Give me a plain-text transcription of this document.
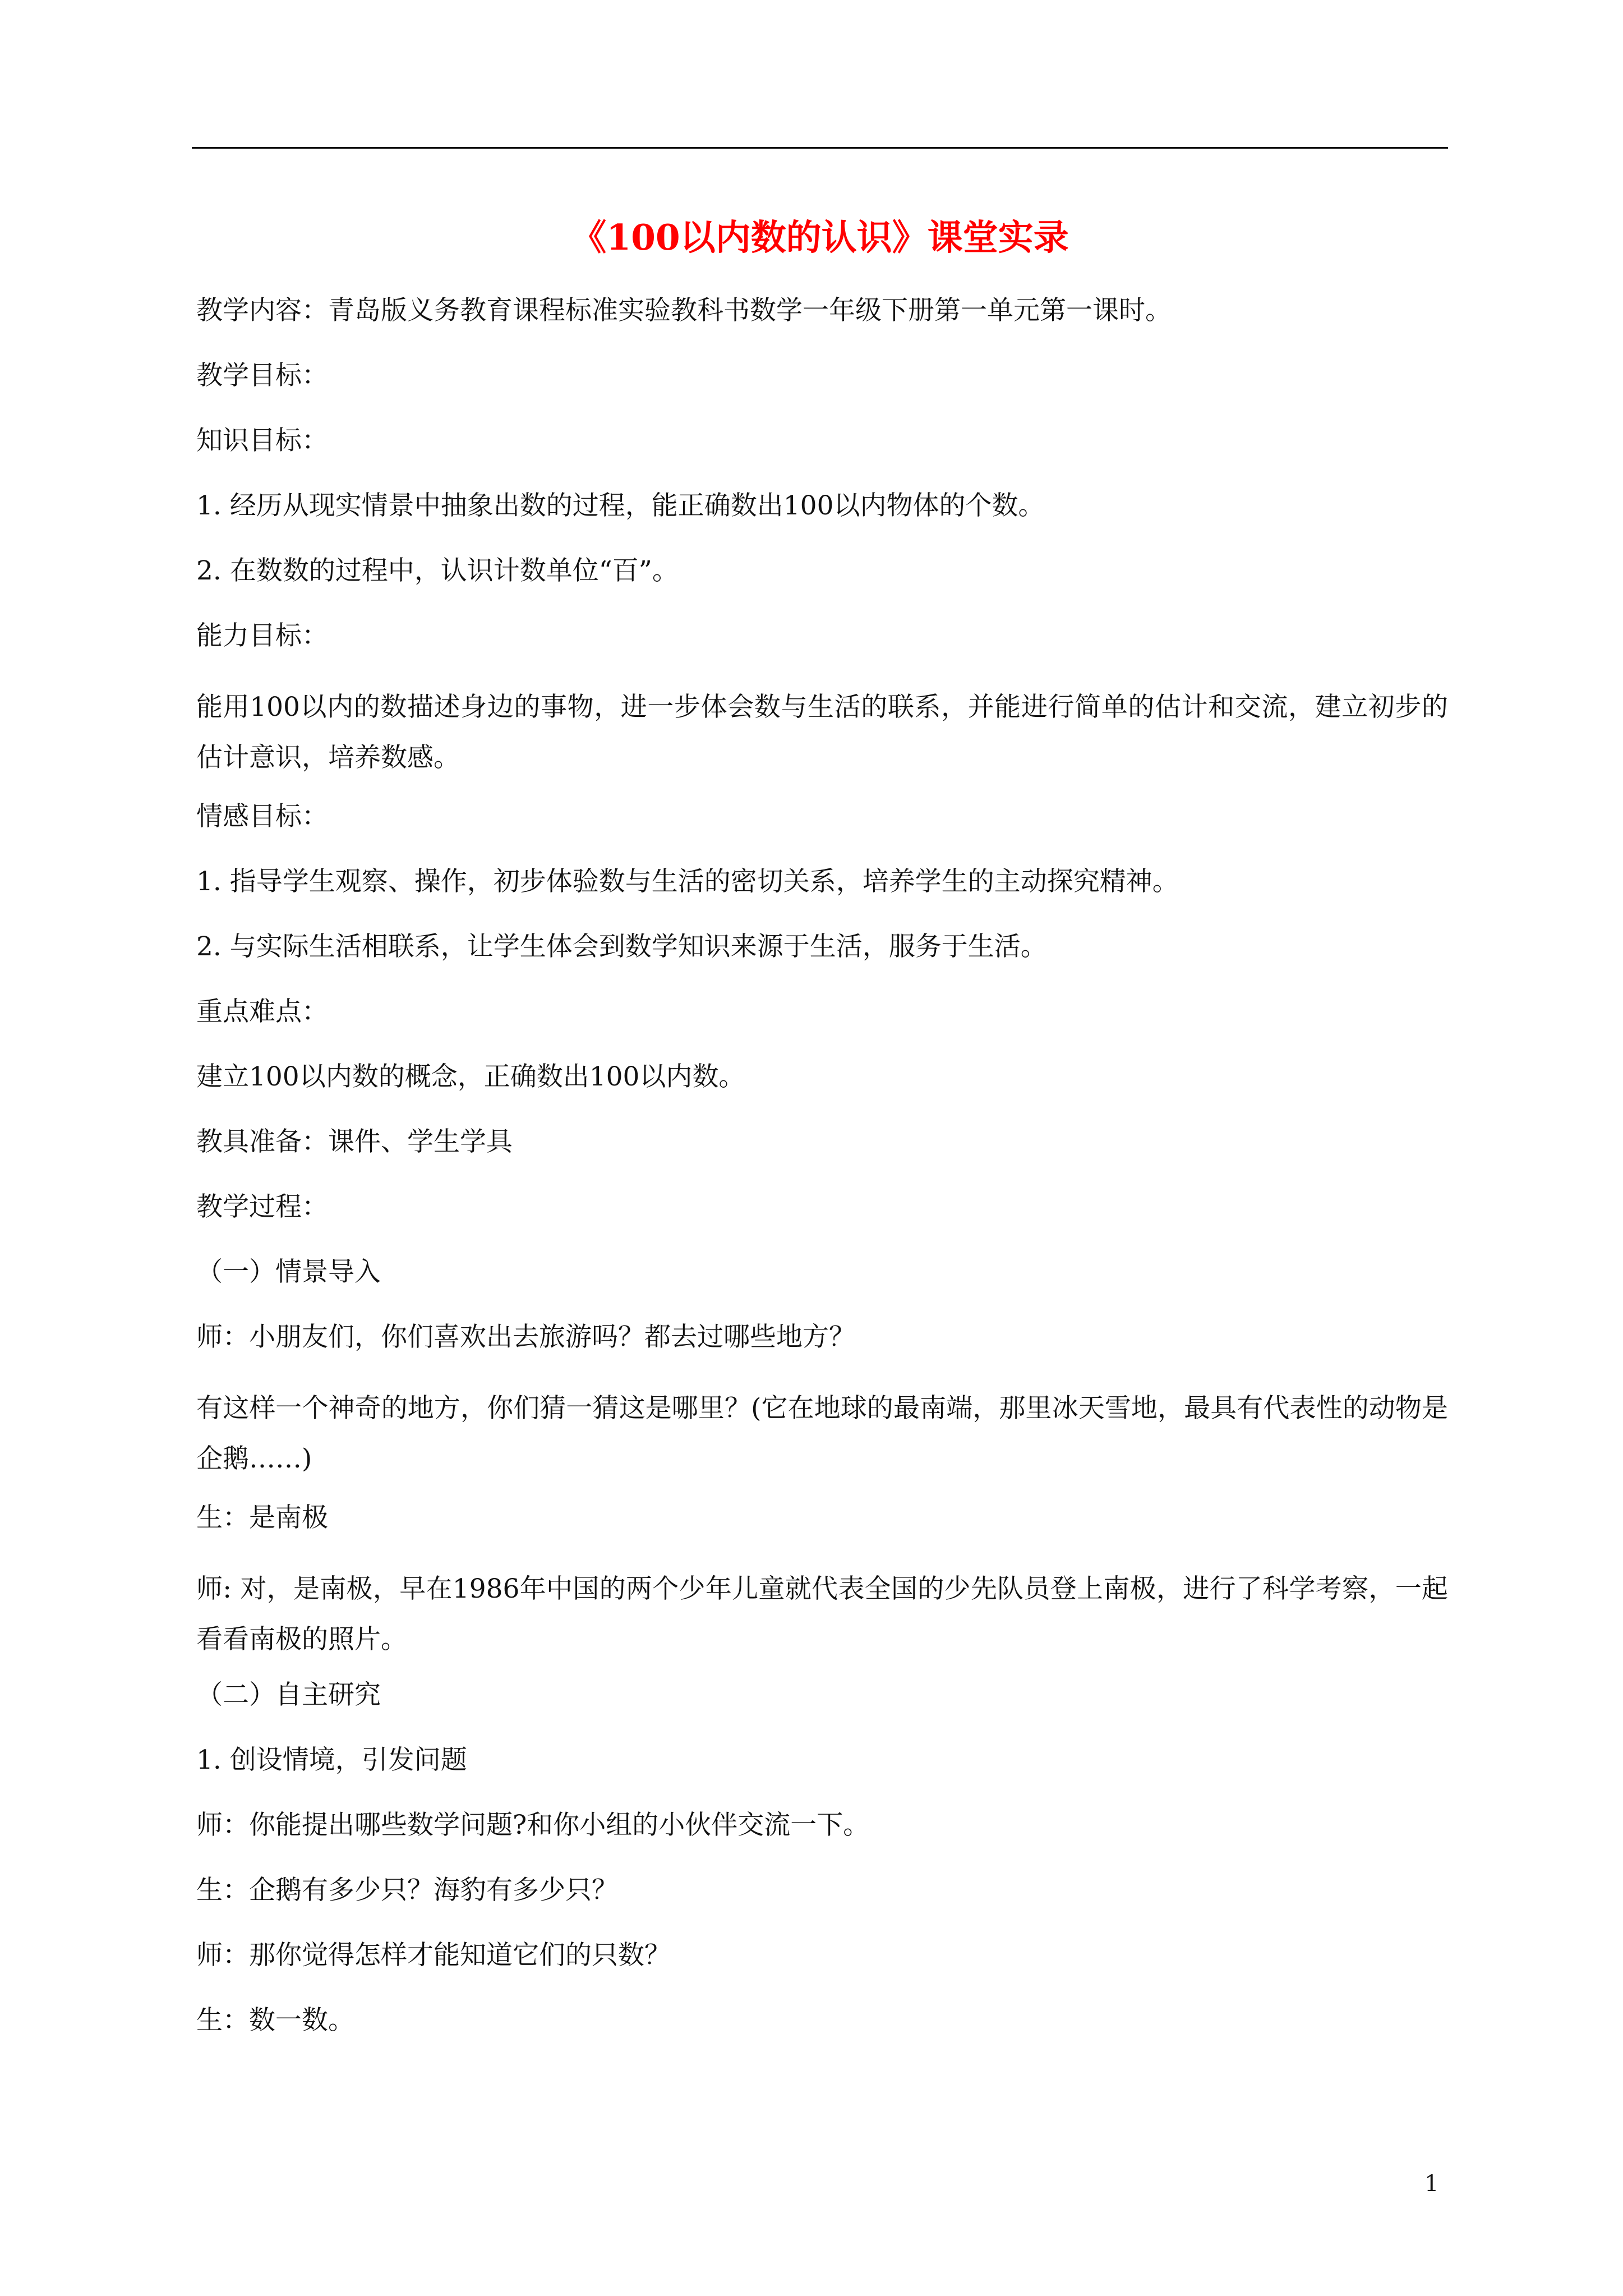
《100以内数的认识》课堂实录
教学内容：青岛版义务教育课程标准实验教科书数学一年级下册第一单元第一课时。
教学目标：
知识目标：
1. 经历从现实情景中抽象出数的过程，能正确数出100以内物体的个数。
2. 在数数的过程中，认识计数单位“百”。
能力目标：
能用100以内的数描述身边的事物，进一步体会数与生活的联系，并能进行简单的估计和交流，建立初步的估计意识，培养数感。
情感目标：
1. 指导学生观察、操作，初步体验数与生活的密切关系，培养学生的主动探究精神。
2. 与实际生活相联系，让学生体会到数学知识来源于生活，服务于生活。
重点难点：
建立100以内数的概念，正确数出100以内数。
教具准备：课件、学生学具
教学过程：
（一）情景导入
师：小朋友们，你们喜欢出去旅游吗？都去过哪些地方？
有这样一个神奇的地方，你们猜一猜这是哪里？(它在地球的最南端，那里冰天雪地，最具有代表性的动物是企鹅……)
生：是南极
师: 对，是南极，早在1986年中国的两个少年儿童就代表全国的少先队员登上南极，进行了科学考察，一起看看南极的照片。
（二）自主研究
1. 创设情境，引发问题
师：你能提出哪些数学问题?和你小组的小伙伴交流一下。
生：企鹅有多少只？海豹有多少只？
师：那你觉得怎样才能知道它们的只数？
生：数一数。
1
